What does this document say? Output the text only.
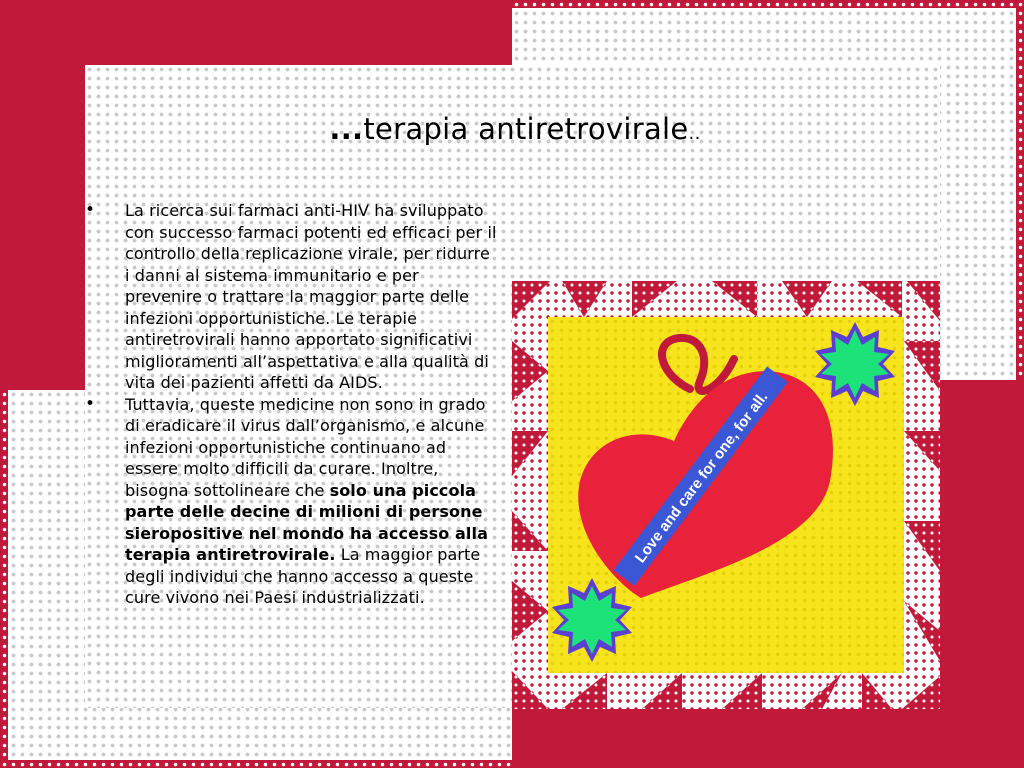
...terapia antiretrovirale..
•	La ricerca sui farmaci anti-HIV ha sviluppato con successo farmaci potenti ed efficaci per il controllo della replicazione virale, per ridurre i danni al sistema immunitario e per prevenire o trattare la maggior parte delle infezioni opportunistiche. Le terapie antiretrovirali hanno apportato significativi miglioramenti all’aspettativa e alla qualità di vita dei pazienti affetti da AIDS.
•	Tuttavia, queste medicine non sono in grado di eradicare il virus dall’organismo, e alcune infezioni opportunistiche continuano ad essere molto difficili da curare. Inoltre, bisogna sottolineare che solo una piccola parte delle decine di milioni di persone sieropositive nel mondo ha accesso alla terapia antiretrovirale. La maggior parte degli individui che hanno accesso a queste cure vivono nei Paesi industrializzati.
Love and care for one, for all.
